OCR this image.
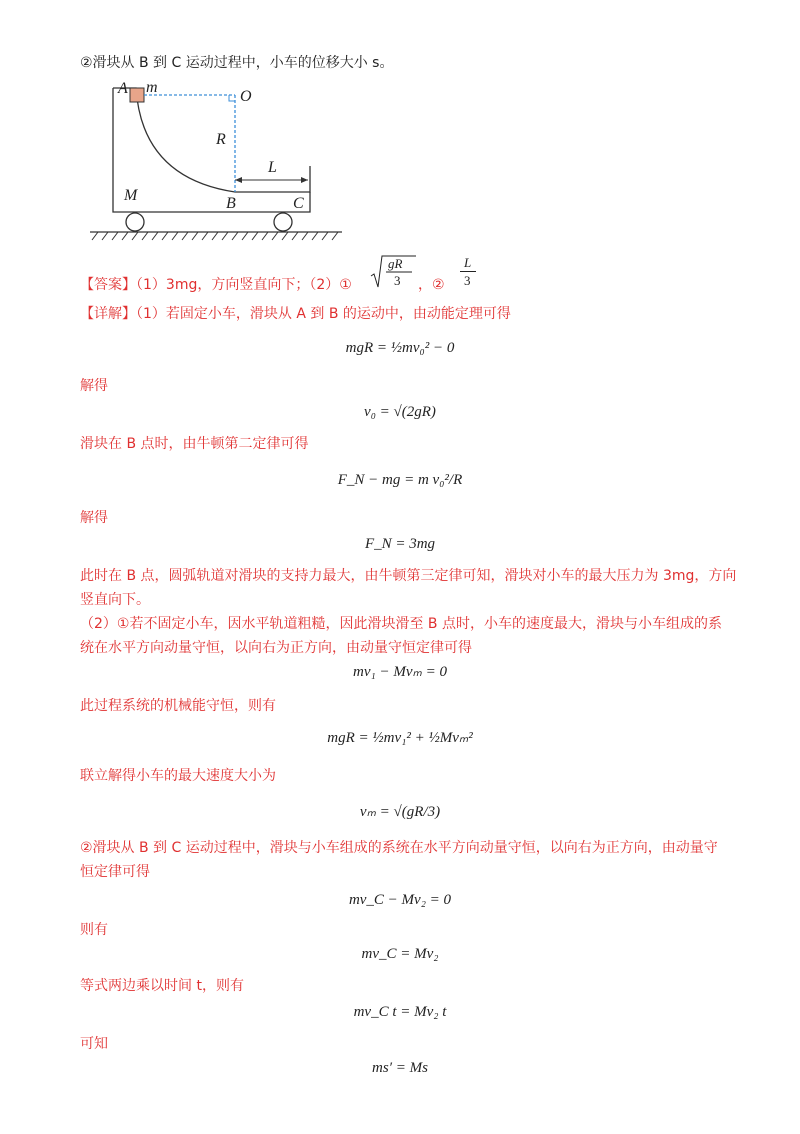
②滑块从 B 到 C 运动过程中，小车的位移大小 s。
A m
O
R
L
M	B	C
【答案】（1）3mg，方向竖直向下；（2）①
gR
3 ，②
L
3
【详解】（1）若固定小车，滑块从 A 到 B 的运动中，由动能定理可得
mgR = ½mv₀² − 0
解得
v₀ = √(2gR)
滑块在 B 点时，由牛顿第二定律可得
F_N − mg = m v₀²/R
解得
F_N = 3mg
此时在 B 点，圆弧轨道对滑块的支持力最大，由牛顿第三定律可知，滑块对小车的最大压力为 3mg，方向
竖直向下。
（2）①若不固定小车，因水平轨道粗糙，因此滑块滑至 B 点时，小车的速度最大，滑块与小车组成的系
统在水平方向动量守恒，以向右为正方向，由动量守恒定律可得
mv₁ − Mvₘ = 0
此过程系统的机械能守恒，则有
mgR = ½mv₁² + ½Mvₘ²
联立解得小车的最大速度大小为
vₘ = √(gR/3)
②滑块从 B 到 C 运动过程中，滑块与小车组成的系统在水平方向动量守恒，以向右为正方向，由动量守
恒定律可得
mv_C − Mv₂ = 0
则有
mv_C = Mv₂
等式两边乘以时间 t，则有
mv_C t = Mv₂ t
可知
ms′ = Ms
